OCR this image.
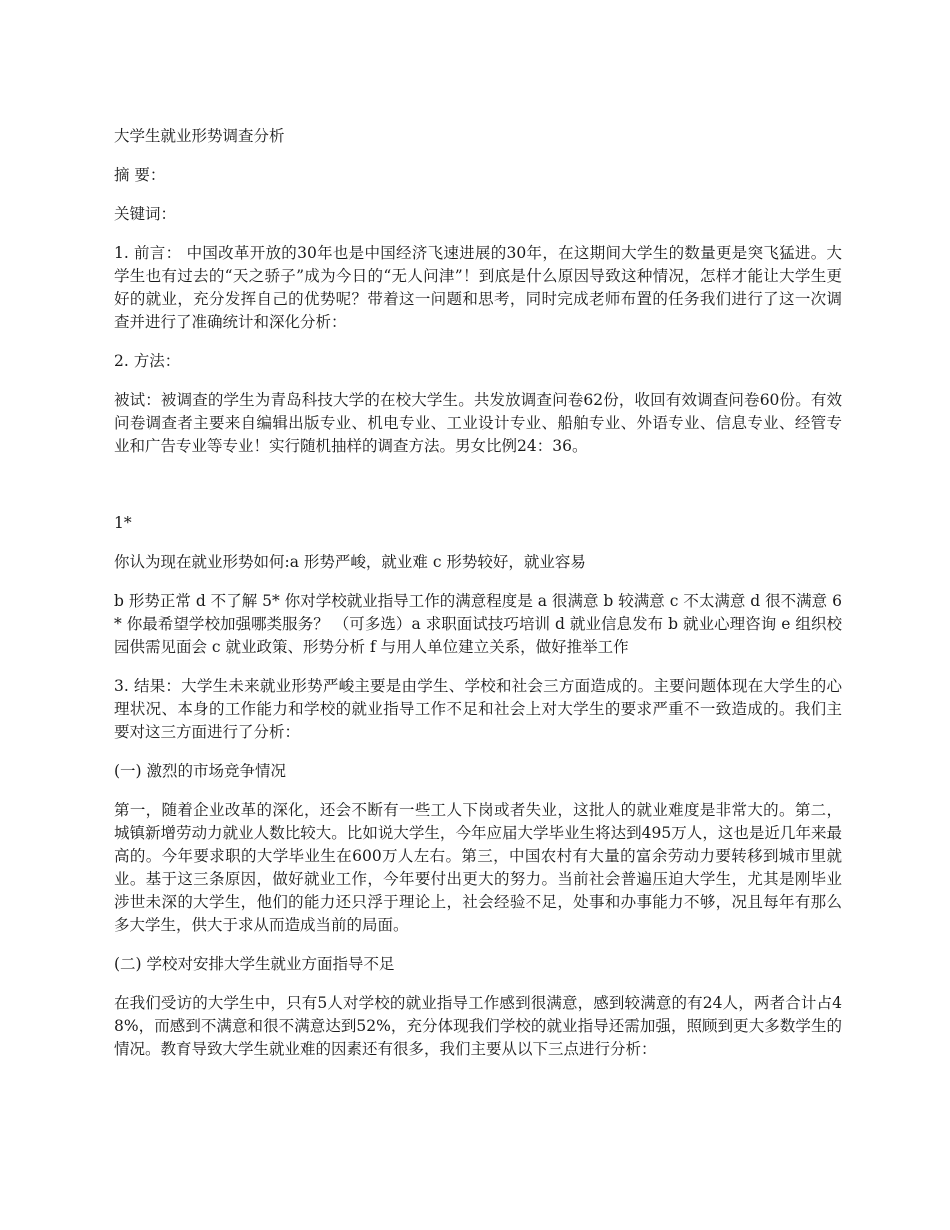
大学生就业形势调查分析

摘 要：

关键词：

1. 前言： 中国改革开放的30年也是中国经济飞速进展的30年，在这期间大学生的数量更是突飞猛进。大学生也有过去的“天之骄子”成为今日的“无人问津”！到底是什么原因导致这种情况，怎样才能让大学生更好的就业，充分发挥自己的优势呢？带着这一问题和思考，同时完成老师布置的任务我们进行了这一次调查并进行了准确统计和深化分析：

2. 方法：

被试：被调查的学生为青岛科技大学的在校大学生。共发放调查问卷62份，收回有效调查问卷60份。有效问卷调查者主要来自编辑出版专业、机电专业、工业设计专业、船舶专业、外语专业、信息专业、经管专业和广告专业等专业！实行随机抽样的调查方法。男女比例24：36。

1*

你认为现在就业形势如何:a 形势严峻，就业难 c 形势较好，就业容易

b 形势正常 d 不了解 5* 你对学校就业指导工作的满意程度是 a 很满意 b 较满意 c 不太满意 d 很不满意 6* 你最希望学校加强哪类服务？ （可多选）a 求职面试技巧培训 d 就业信息发布 b 就业心理咨询 e 组织校园供需见面会 c 就业政策、形势分析 f 与用人单位建立关系，做好推举工作

3. 结果：大学生未来就业形势严峻主要是由学生、学校和社会三方面造成的。主要问题体现在大学生的心理状况、本身的工作能力和学校的就业指导工作不足和社会上对大学生的要求严重不一致造成的。我们主要对这三方面进行了分析：

(一) 激烈的市场竞争情况

第一，随着企业改革的深化，还会不断有一些工人下岗或者失业，这批人的就业难度是非常大的。第二，城镇新增劳动力就业人数比较大。比如说大学生，今年应届大学毕业生将达到495万人，这也是近几年来最高的。今年要求职的大学毕业生在600万人左右。第三，中国农村有大量的富余劳动力要转移到城市里就业。基于这三条原因，做好就业工作，今年要付出更大的努力。当前社会普遍压迫大学生，尤其是刚毕业涉世未深的大学生，他们的能力还只浮于理论上，社会经验不足，处事和办事能力不够，况且每年有那么多大学生，供大于求从而造成当前的局面。

(二) 学校对安排大学生就业方面指导不足

在我们受访的大学生中，只有5人对学校的就业指导工作感到很满意，感到较满意的有24人，两者合计占48%，而感到不满意和很不满意达到52%，充分体现我们学校的就业指导还需加强，照顾到更大多数学生的情况。教育导致大学生就业难的因素还有很多，我们主要从以下三点进行分析：
